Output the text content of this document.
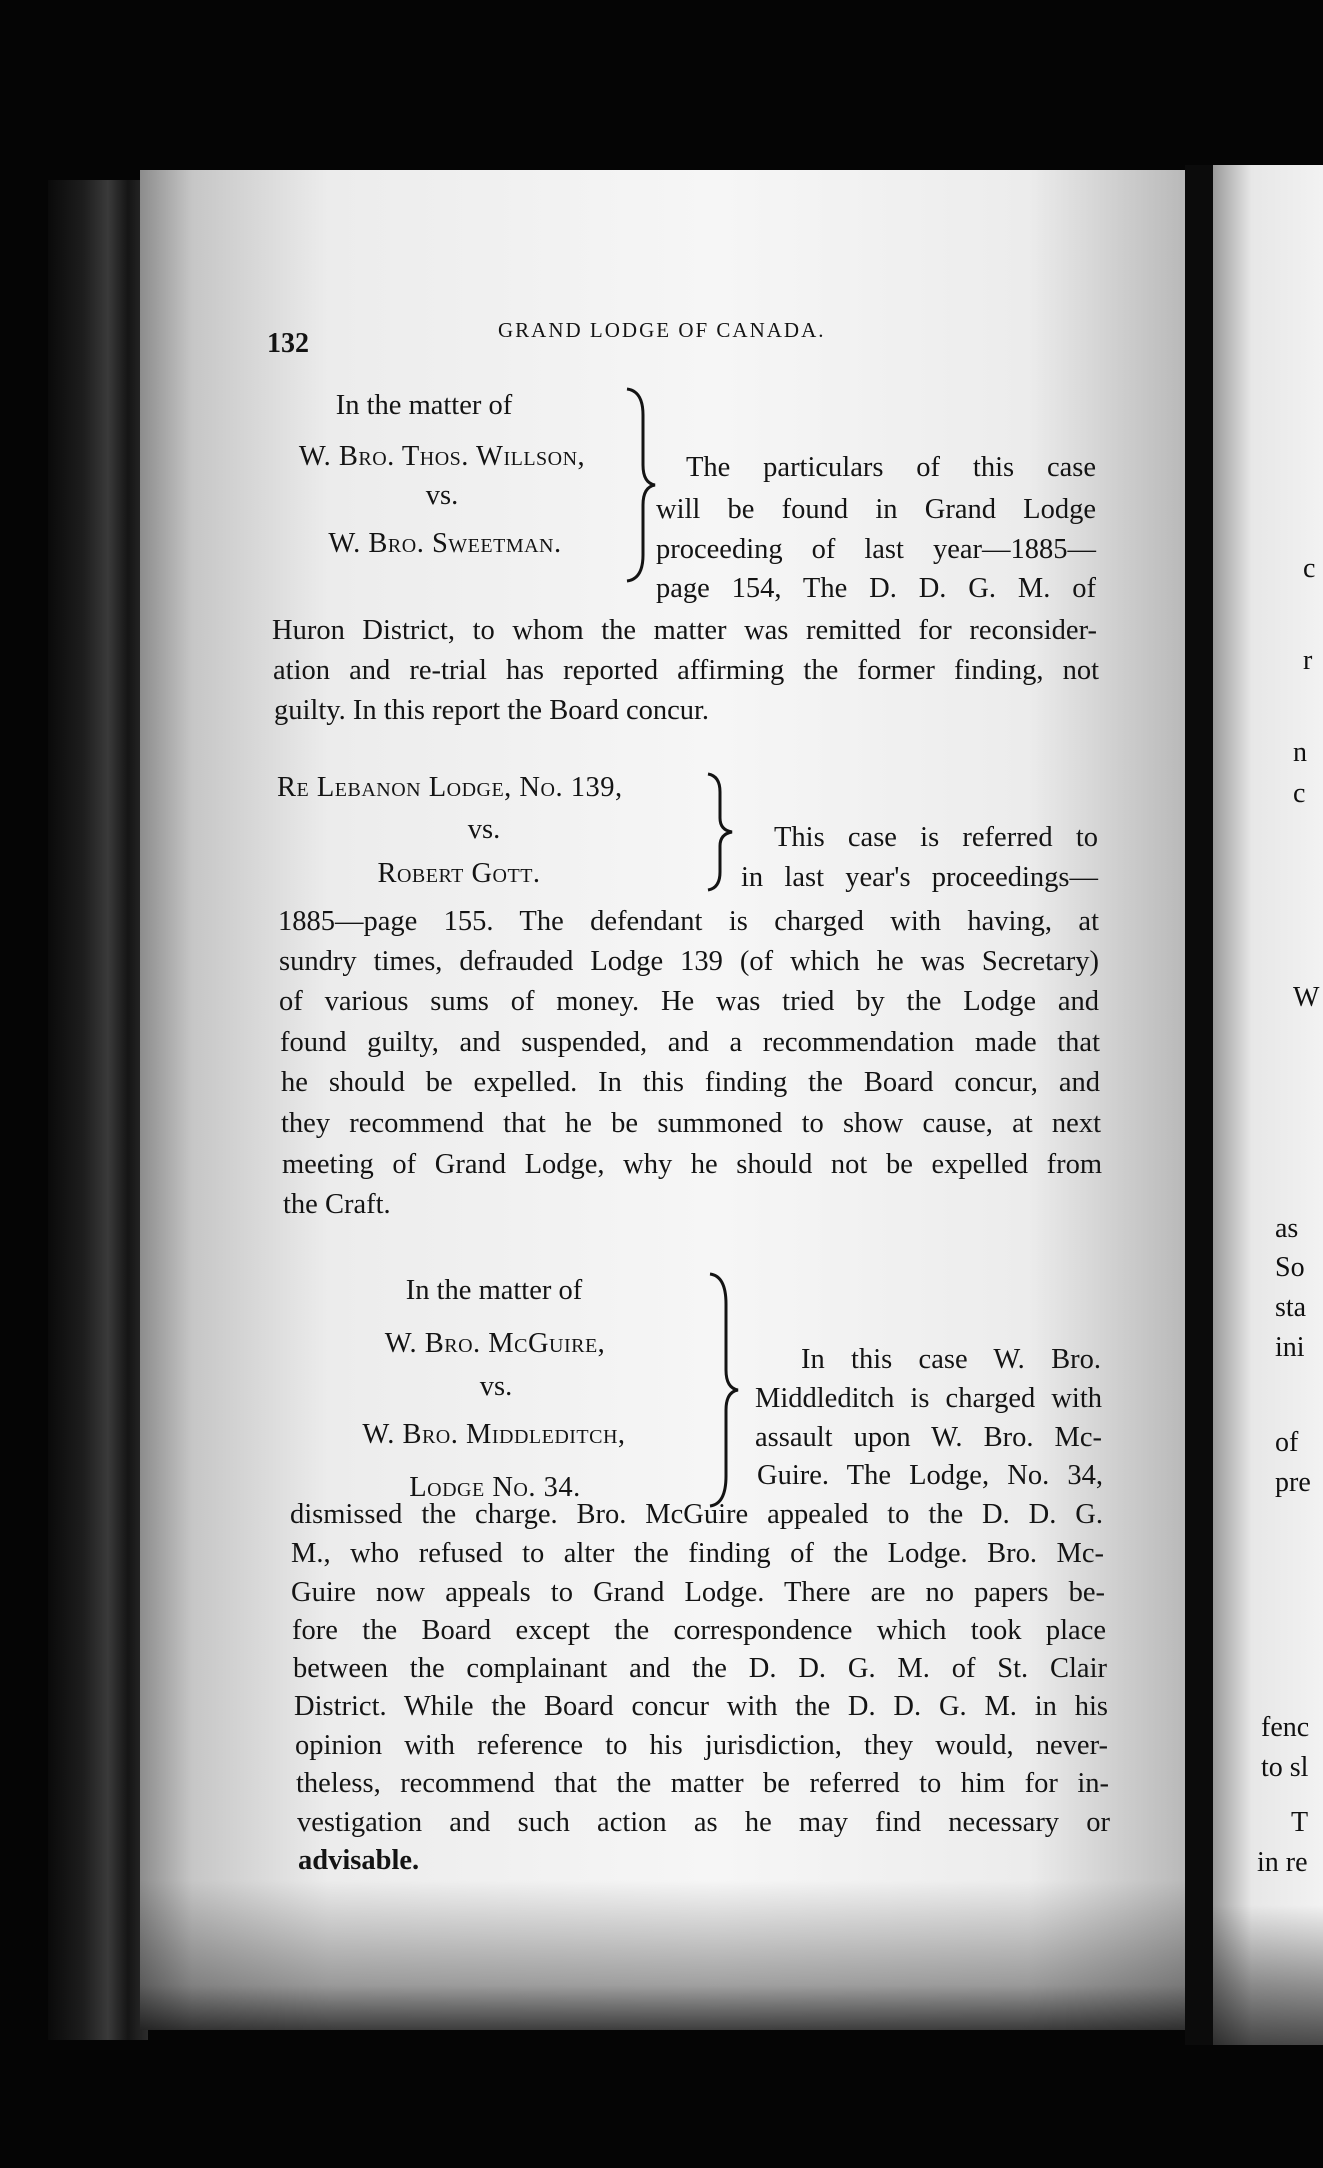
132	GRAND LODGE OF CANADA.
In the matter of
W. Bro. Thos. Willson,
vs.
W. Bro. Sweetman.
The particulars of this case
will be found in Grand Lodge
proceeding of last year—1885—
page 154, The D. D. G. M. of
Huron District, to whom the matter was remitted for reconsider-
ation and re-trial has reported affirming the former finding, not
guilty. In this report the Board concur.
Re Lebanon Lodge, No. 139,
vs.
Robert Gott.
This case is referred to
in last year's proceedings—
1885—page 155. The defendant is charged with having, at
sundry times, defrauded Lodge 139 (of which he was Secretary)
of various sums of money. He was tried by the Lodge and
found guilty, and suspended, and a recommendation made that
he should be expelled. In this finding the Board concur, and
they recommend that he be summoned to show cause, at next
meeting of Grand Lodge, why he should not be expelled from
the Craft.
In the matter of
W. Bro. McGuire,
vs.
W. Bro. Middleditch,
Lodge No. 34.
In this case W. Bro.
Middleditch is charged with
assault upon W. Bro. Mc-
Guire. The Lodge, No. 34,
dismissed the charge. Bro. McGuire appealed to the D. D. G.
M., who refused to alter the finding of the Lodge. Bro. Mc-
Guire now appeals to Grand Lodge. There are no papers be-
fore the Board except the correspondence which took place
between the complainant and the D. D. G. M. of St. Clair
District. While the Board concur with the D. D. G. M. in his
opinion with reference to his jurisdiction, they would, never-
theless, recommend that the matter be referred to him for in-
vestigation and such action as he may find necessary or
advisable.
c
r
n
c
W
as
So
sta
ini
of
pre
fenc
to sl
T
in re
